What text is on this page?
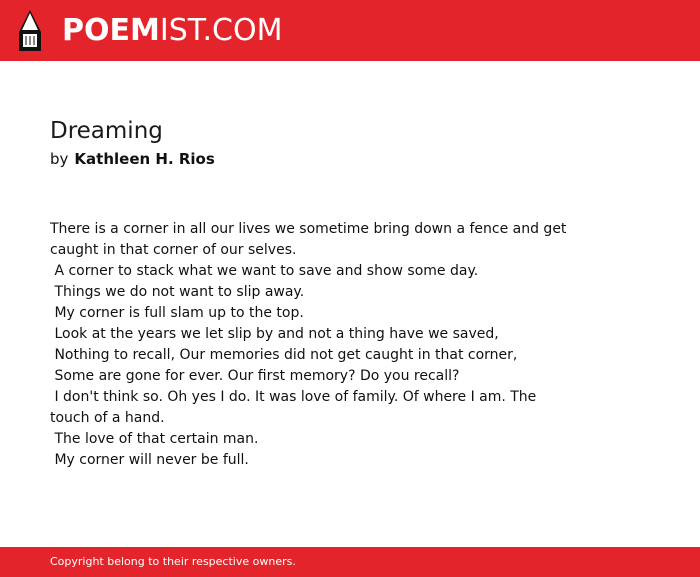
POEMIST.COM
Dreaming
by Kathleen H. Rios
There is a corner in all our lives we sometime bring down a fence and get caught in that corner of our selves.
A corner to stack what we want to save and show some day.
Things we do not want to slip away.
My corner is full slam up to the top.
Look at the years we let slip by and not a thing have we saved,
Nothing to recall, Our memories did not get caught in that corner,
Some are gone for ever. Our first memory? Do you recall?
I don't think so. Oh yes I do. It was love of family. Of where I am. The touch of a hand.
The love of that certain man.
My corner will never be full.
Copyright belong to their respective owners.
